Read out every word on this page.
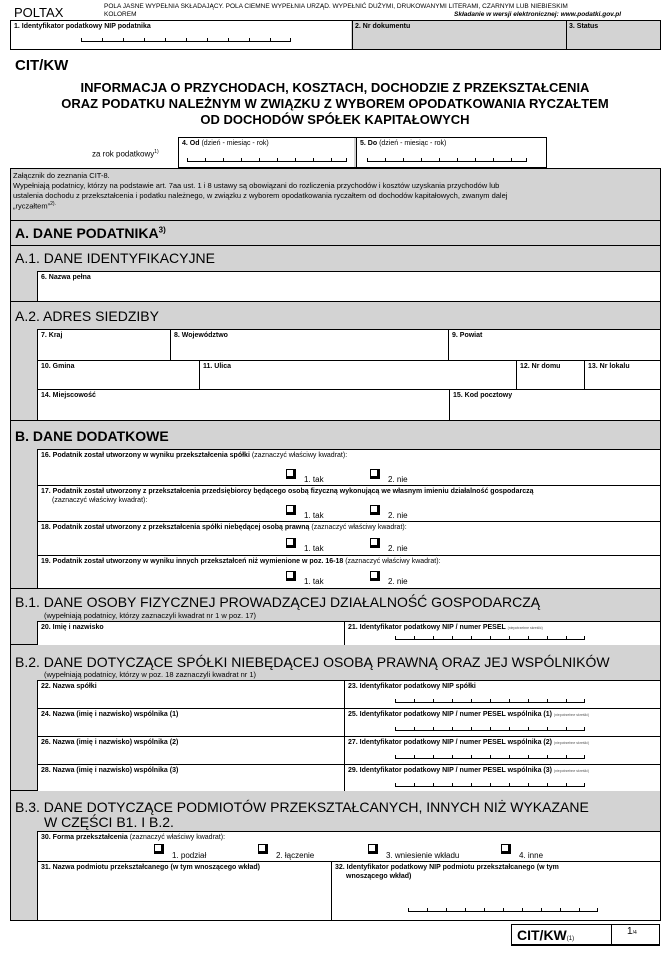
POLTAX	POLA JASNE WYPEŁNIA SKŁADAJĄCY. POLA CIEMNE WYPEŁNIA URZĄD. WYPEŁNIĆ DUŻYMI, DRUKOWANYMI LITERAMI, CZARNYM LUB NIEBIESKIM
KOLOREM	Składanie w wersji elektronicznej: www.podatki.gov.pl
1. Identyfikator podatkowy NIP podatnika	2. Nr dokumentu	3. Status
CIT/KW
INFORMACJA O PRZYCHODACH, KOSZTACH, DOCHODZIE Z PRZEKSZTAŁCENIA
ORAZ PODATKU NALEŻNYM W ZWIĄZKU Z WYBOREM OPODATKOWANIA RYCZAŁTEM
OD DOCHODÓW SPÓŁEK KAPITAŁOWYCH
za rok podatkowy$^{1)}$
4. Od (dzień - miesiąc - rok)	5. Do (dzień - miesiąc - rok)
Załącznik do zeznania CIT-8.
Wypełniają podatnicy, którzy na podstawie art. 7aa ust. 1 i 8 ustawy są obowiązani do rozliczenia przychodów i kosztów uzyskania przychodów lub
ustalenia dochodu z przekształcenia i podatku należnego, w związku z wyborem opodatkowania ryczałtem od dochodów kapitałowych, zwanym dalej
„ryczałtem”$^{2).}$
A. DANE PODATNIKA$^{3)}$
A.1. DANE IDENTYFIKACYJNE
6. Nazwa pełna
A.2. ADRES SIEDZIBY
7. Kraj	8. Województwo	9. Powiat
10. Gmina	11. Ulica	12. Nr domu	13. Nr lokalu
14. Miejscowość	15. Kod pocztowy
B. DANE DODATKOWE
16. Podatnik został utworzony w wyniku przekształcenia spółki (zaznaczyć właściwy kwadrat):
1. tak	2. nie
17. Podatnik został utworzony z przekształcenia przedsiębiorcy będącego osobą fizyczną wykonującą we własnym imieniu działalność gospodarczą
(zaznaczyć właściwy kwadrat):
1. tak	2. nie
18. Podatnik został utworzony z przekształcenia spółki niebędącej osobą prawną (zaznaczyć właściwy kwadrat):
1. tak	2. nie
19. Podatnik został utworzony w wyniku innych przekształceń niż wymienione w poz. 16-18 (zaznaczyć właściwy kwadrat):
1. tak	2. nie
B.1. DANE OSOBY FIZYCZNEJ PROWADZĄCEJ DZIAŁALNOŚĆ GOSPODARCZĄ
(wypełniają podatnicy, którzy zaznaczyli kwadrat nr 1 w poz. 17)
20. Imię i nazwisko	21. Identyfikator podatkowy NIP / numer PESEL (niepotrzebne skreślić)
B.2. DANE DOTYCZĄCE SPÓŁKI NIEBĘDĄCEJ OSOBĄ PRAWNĄ ORAZ JEJ WSPÓLNIKÓW
(wypełniają podatnicy, którzy w poz. 18 zaznaczyli kwadrat nr 1)
22. Nazwa spółki	23. Identyfikator podatkowy NIP spółki
24. Nazwa (imię i nazwisko) wspólnika (1)	25. Identyfikator podatkowy NIP / numer PESEL wspólnika (1) (niepotrzebne skreślić)
26. Nazwa (imię i nazwisko) wspólnika (2)	27. Identyfikator podatkowy NIP / numer PESEL wspólnika (2) (niepotrzebne skreślić)
28. Nazwa (imię i nazwisko) wspólnika (3)	29. Identyfikator podatkowy NIP / numer PESEL wspólnika (3) (niepotrzebne skreślić)
B.3. DANE DOTYCZĄCE PODMIOTÓW PRZEKSZTAŁCANYCH, INNYCH NIŻ WYKAZANE
W CZĘŚCI B1. I B.2.
30. Forma przekształcenia (zaznaczyć właściwy kwadrat):
1. podział	2. łączenie	3. wniesienie wkładu	4. inne
31. Nazwa podmiotu przekształcanego (w tym wnoszącego wkład)	32. Identyfikator podatkowy NIP podmiotu przekształcanego (w tym
wnoszącego wkład)
CIT/KW(1)
1/4
